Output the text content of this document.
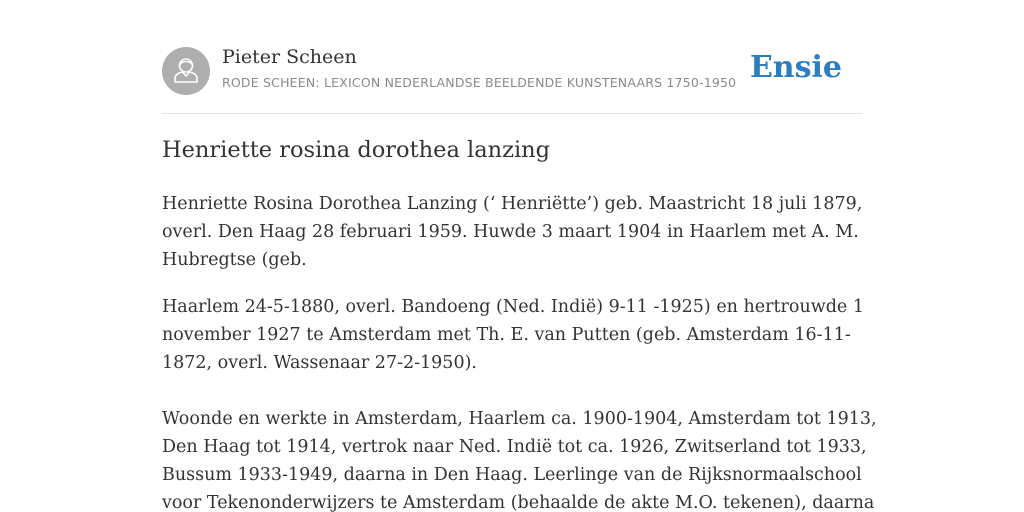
Pieter Scheen
RODE SCHEEN: LEXICON NEDERLANDSE BEELDENDE KUNSTENAARS 1750-1950 Ensie
Henriette rosina dorothea lanzing

Henriette Rosina Dorothea Lanzing (‘ Henriëtte’) geb. Maastricht 18 juli 1879,
overl. Den Haag 28 februari 1959. Huwde 3 maart 1904 in Haarlem met A. M.
Hubregtse (geb.

Haarlem 24-5-1880, overl. Bandoeng (Ned. Indië) 9-11 -1925) en hertrouwde 1
november 1927 te Amsterdam met Th. E. van Putten (geb. Amsterdam 16-11-
1872, overl. Wassenaar 27-2-1950).

Woonde en werkte in Amsterdam, Haarlem ca. 1900-1904, Amsterdam tot 1913,
Den Haag tot 1914, vertrok naar Ned. Indië tot ca. 1926, Zwitserland tot 1933,
Bussum 1933-1949, daarna in Den Haag. Leerlinge van de Rijksnormaalschool
voor Tekenonderwijzers te Amsterdam (behaalde de akte M.O. tekenen), daarna
